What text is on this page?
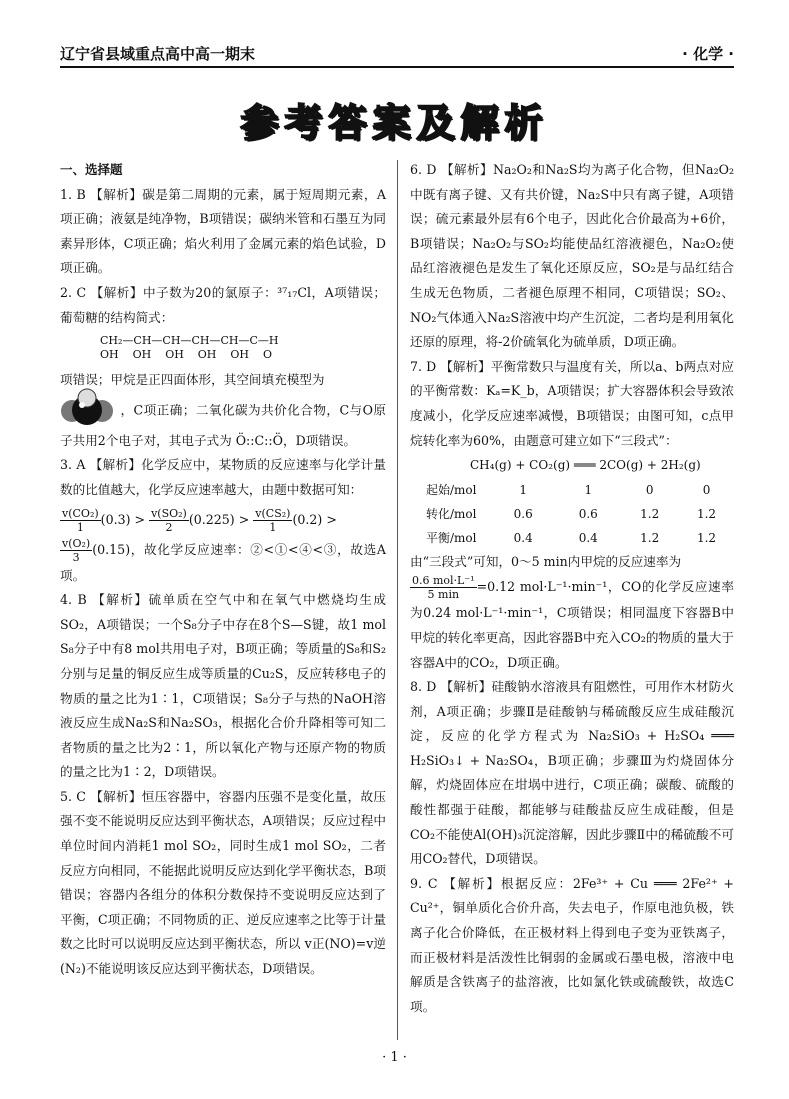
辽宁省县域重点高中高一期末	· 化学 ·
参考答案及解析

一、选择题

1. B 【解析】碳是第二周期的元素，属于短周期元素，A项正确；液氨是纯净物，B项错误；碳纳米管和石墨互为同素异形体，C项正确；焰火利用了金属元素的焰色试验，D项正确。

2. C 【解析】中子数为20的氯原子：³⁷₁₇Cl，A项错误；葡萄糖的结构简式：

CH₂—CH—CH—CH—CH—C—H
OH    OH    OH    OH    OH    O

项错误；甲烷是正四面体形，其空间填充模型为

，C项正确；二氧化碳为共价化合物，C与O原子共用2个电子对，其电子式为 Ö::C::Ö，D项错误。

3. A 【解析】化学反应中，某物质的反应速率与化学计量数的比值越大，化学反应速率越大，由题中数据可知：

$\frac{\text{v(CO₂)}}{1} (0.3) > \frac{\text{v(SO₂)}}{2} (0.225) > \frac{\text{v(CS₂)}}{1} (0.2)$ >

$\frac{\text{v(O₂)}}{3} (0.15)$，故化学反应速率：②<①<④<③，故选A项。

4. B 【解析】硫单质在空气中和在氧气中燃烧均生成SO₂，A项错误；一个S₈分子中存在8个S—S键，故1 mol S₈分子中有8 mol共用电子对，B项正确；等质量的S₈和S₂分别与足量的铜反应生成等质量的Cu₂S，反应转移电子的物质的量之比为1∶1，C项错误；S₈分子与热的NaOH溶液反应生成Na₂S和Na₂SO₃，根据化合价升降相等可知二者物质的量之比为2∶1，所以氧化产物与还原产物的物质的量之比为1∶2，D项错误。

5. C 【解析】恒压容器中，容器内压强不是变化量，故压强不变不能说明反应达到平衡状态，A项错误；反应过程中单位时间内消耗1 mol SO₂，同时生成1 mol SO₂，二者反应方向相同，不能据此说明反应达到化学平衡状态，B项错误；容器内各组分的体积分数保持不变说明反应达到了平衡，C项正确；不同物质的正、逆反应速率之比等于计量数之比时可以说明反应达到平衡状态，所以 v正(NO)=v逆(N₂)不能说明该反应达到平衡状态，D项错误。

6. D 【解析】Na₂O₂和Na₂S均为离子化合物，但Na₂O₂中既有离子键、又有共价键，Na₂S中只有离子键，A项错误；硫元素最外层有6个电子，因此化合价最高为+6价，B项错误；Na₂O₂与SO₂均能使品红溶液褪色，Na₂O₂使品红溶液褪色是发生了氧化还原反应，SO₂是与品红结合生成无色物质，二者褪色原理不相同，C项错误；SO₂、NO₂气体通入Na₂S溶液中均产生沉淀，二者均是利用氧化还原的原理，将-2价硫氧化为硫单质，D项正确。

7. D 【解析】平衡常数只与温度有关，所以a、b两点对应的平衡常数：Kₐ=K_b，A项错误；扩大容器体积会导致浓度减小，化学反应速率减慢，B项错误；由图可知，c点甲烷转化率为60%，由题意可建立如下“三段式”：

CH₄(g) + CO₂(g) ═══ 2CO(g) + 2H₂(g)
起始/mol	1	1	0	0
转化/mol	0.6	0.6	1.2	1.2
平衡/mol	0.4	0.4	1.2	1.2

由“三段式”可知，0～5 min内甲烷的反应速率为

$\frac{\text{0.6 mol·L⁻¹}}{5 \min} =0.12$ mol·L⁻¹·min⁻¹，CO的化学反应速率为0.24 mol·L⁻¹·min⁻¹，C项错误；相同温度下容器B中甲烷的转化率更高，因此容器B中充入CO₂的物质的量大于容器A中的CO₂，D项正确。

8. D 【解析】硅酸钠水溶液具有阻燃性，可用作木材防火剂，A项正确；步骤Ⅱ是硅酸钠与稀硫酸反应生成硅酸沉淀，反应的化学方程式为 Na₂SiO₃ + H₂SO₄ ═══ H₂SiO₃↓ + Na₂SO₄，B项正确；步骤Ⅲ为灼烧固体分解，灼烧固体应在坩埚中进行，C项正确；碳酸、硫酸的酸性都强于硅酸，都能够与硅酸盐反应生成硅酸，但是CO₂不能使Al(OH)₃沉淀溶解，因此步骤Ⅱ中的稀硫酸不可用CO₂替代，D项错误。

9. C 【解析】根据反应：2Fe³⁺ + Cu ═══ 2Fe²⁺ + Cu²⁺，铜单质化合价升高，失去电子，作原电池负极，铁离子化合价降低，在正极材料上得到电子变为亚铁离子，而正极材料是活泼性比铜弱的金属或石墨电极，溶液中电解质是含铁离子的盐溶液，比如氯化铁或硫酸铁，故选C项。

· 1 ·
